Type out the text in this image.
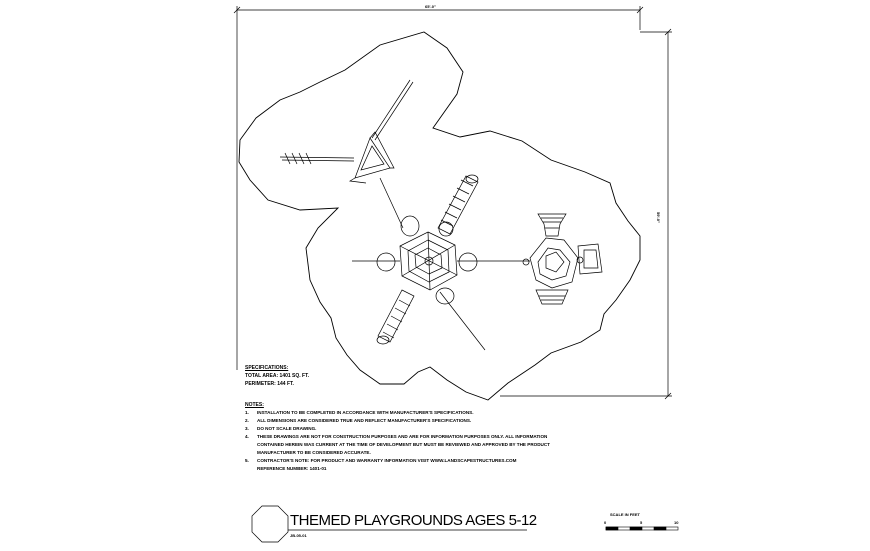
65'-0"
59'-0"
SPECIFICATIONS:
TOTAL AREA: 1401 SQ. FT.
PERIMETER: 144 FT.
NOTES:
1.	INSTALLATION TO BE COMPLETED IN ACCORDANCE WITH MANUFACTURER'S SPECIFICATIONS.
2.	ALL DIMENSIONS ARE CONSIDERED TRUE AND REFLECT MANUFACTURER'S SPECIFICATIONS.
3.	DO NOT SCALE DRAWING.
4.	THESE DRAWINGS ARE NOT FOR CONSTRUCTION PURPOSES AND ARE FOR INFORMATION PURPOSES ONLY. ALL INFORMATION
CONTAINED HEREIN WAS CURRENT AT THE TIME OF DEVELOPMENT BUT MUST BE REVIEWED AND APPROVED BY THE PRODUCT
MANUFACTURER TO BE CONSIDERED ACCURATE.
5.	CONTRACTOR'S NOTE: FOR PRODUCT AND WARRANTY INFORMATION VISIT WWW.LANDSCAPESTRUCTURES.COM
REFERENCE NUMBER: 1401-01
THEMED PLAYGROUNDS AGES 5-12
JB-05-01
SCALE IN FEET
0	5	10
